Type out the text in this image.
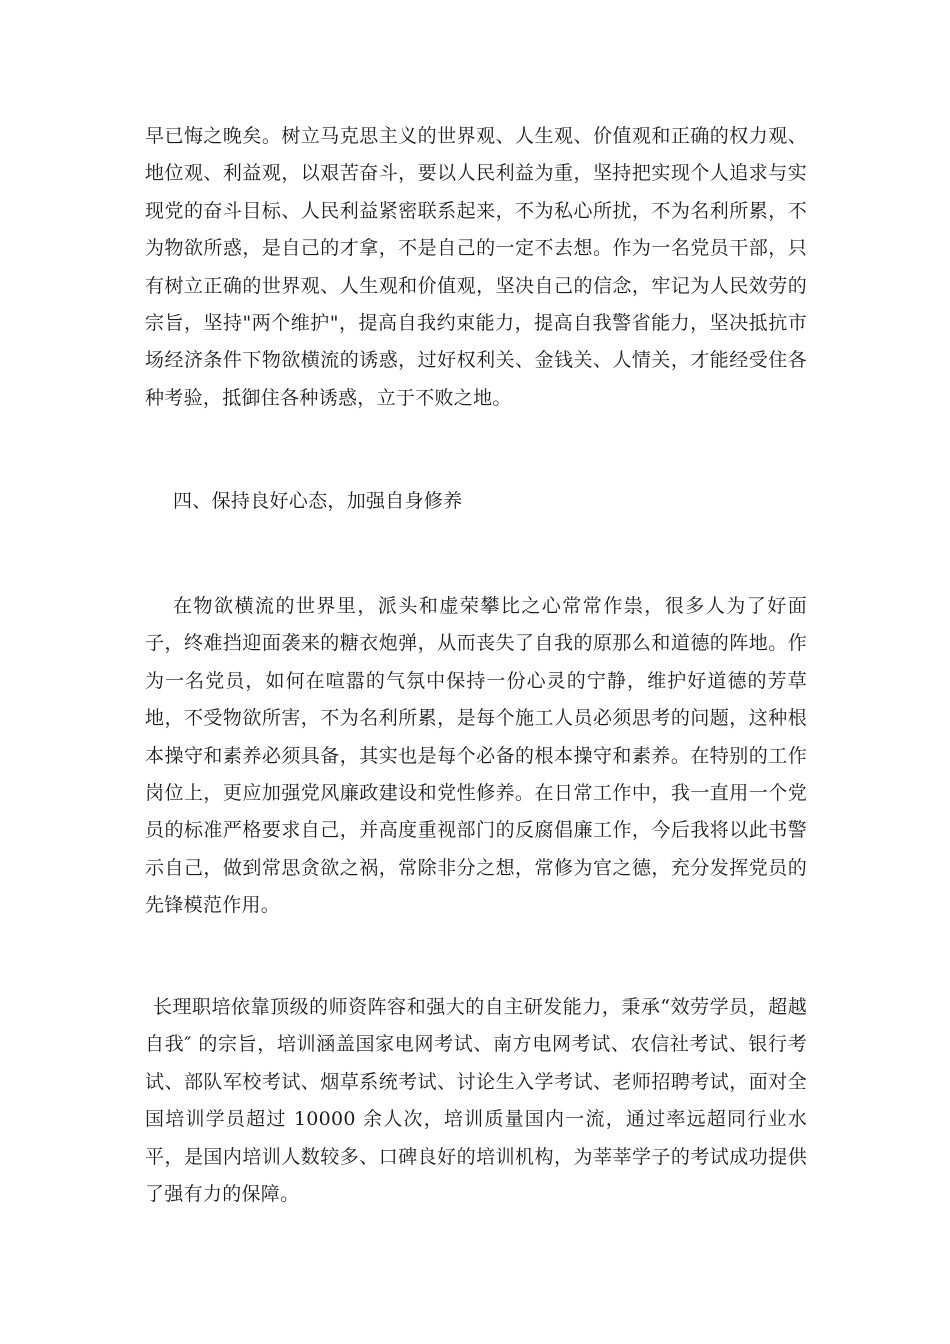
早已悔之晚矣。树立马克思主义的世界观、人生观、价值观和正确的权力观、地位观、利益观，以艰苦奋斗，要以人民利益为重，坚持把实现个人追求与实现党的奋斗目标、人民利益紧密联系起来，不为私心所扰，不为名利所累，不为物欲所惑，是自己的才拿，不是自己的一定不去想。作为一名党员干部，只有树立正确的世界观、人生观和价值观，坚决自己的信念，牢记为人民效劳的宗旨，坚持"两个维护"，提高自我约束能力，提高自我警省能力，坚决抵抗市场经济条件下物欲横流的诱惑，过好权利关、金钱关、人情关，才能经受住各种考验，抵御住各种诱惑，立于不败之地。

四、保持良好心态，加强自身修养

在物欲横流的世界里，派头和虚荣攀比之心常常作祟，很多人为了好面子，终难挡迎面袭来的糖衣炮弹，从而丧失了自我的原那么和道德的阵地。作为一名党员，如何在喧嚣的气氛中保持一份心灵的宁静，维护好道德的芳草地，不受物欲所害，不为名利所累，是每个施工人员必须思考的问题，这种根本操守和素养必须具备，其实也是每个必备的根本操守和素养。在特别的工作岗位上，更应加强党风廉政建设和党性修养。在日常工作中，我一直用一个党员的标准严格要求自己，并高度重视部门的反腐倡廉工作，今后我将以此书警示自己，做到常思贪欲之祸，常除非分之想，常修为官之德，充分发挥党员的先锋模范作用。

长理职培依靠顶级的师资阵容和强大的自主研发能力，秉承“效劳学员，超越自我″ 的宗旨，培训涵盖国家电网考试、南方电网考试、农信社考试、银行考试、部队军校考试、烟草系统考试、讨论生入学考试、老师招聘考试，面对全国培训学员超过 10000 余人次，培训质量国内一流，通过率远超同行业水平，是国内培训人数较多、口碑良好的培训机构，为莘莘学子的考试成功提供了强有力的保障。
